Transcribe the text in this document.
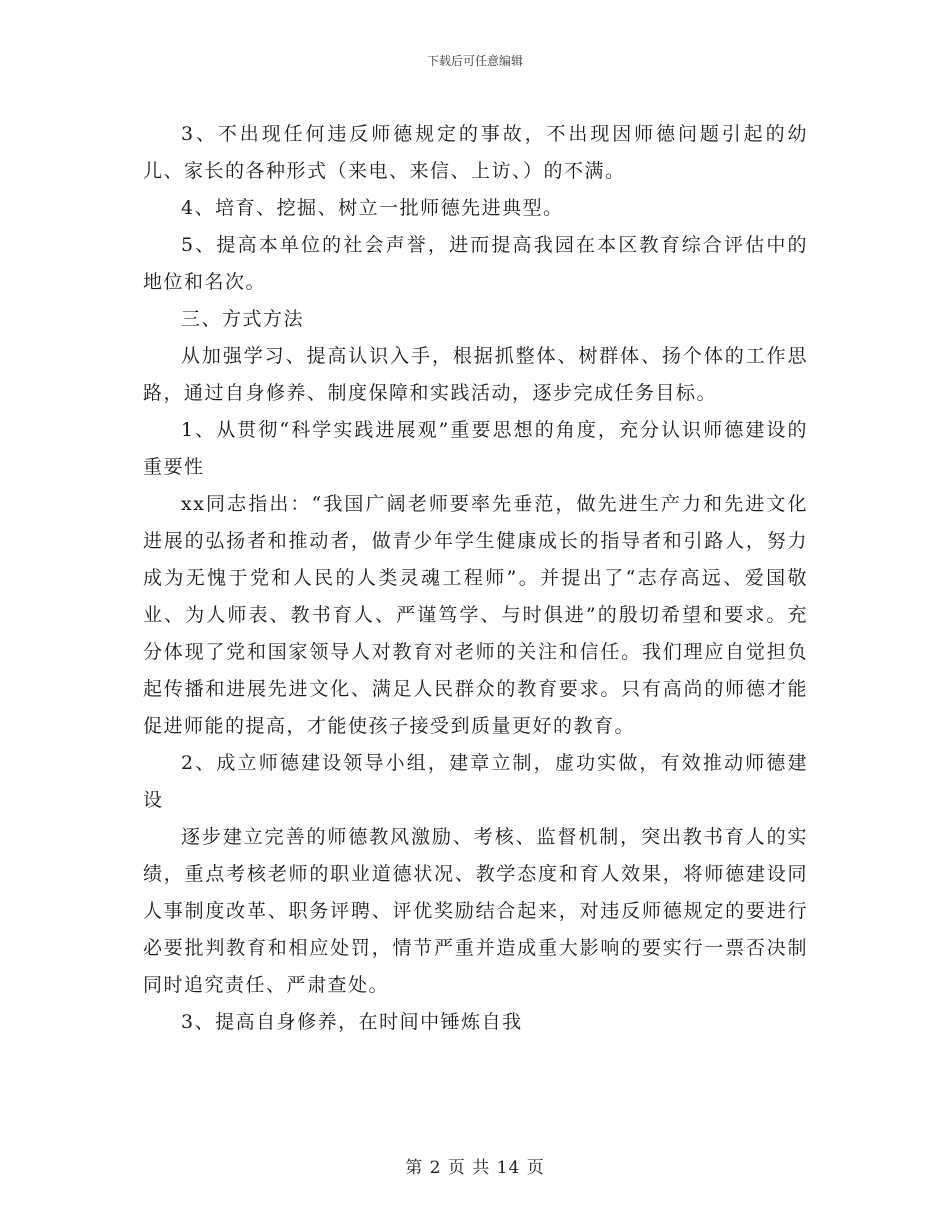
下载后可任意编辑

3、不出现任何违反师德规定的事故，不出现因师德问题引起的幼儿、家长的各种形式（来电、来信、上访、）的不满。

4、培育、挖掘、树立一批师德先进典型。

5、提高本单位的社会声誉，进而提高我园在本区教育综合评估中的地位和名次。

三、方式方法

从加强学习、提高认识入手，根据抓整体、树群体、扬个体的工作思路，通过自身修养、制度保障和实践活动，逐步完成任务目标。

1、从贯彻“科学实践进展观”重要思想的角度，充分认识师德建设的重要性

xx同志指出：“我国广阔老师要率先垂范，做先进生产力和先进文化进展的弘扬者和推动者，做青少年学生健康成长的指导者和引路人，努力成为无愧于党和人民的人类灵魂工程师”。并提出了“志存高远、爱国敬业、为人师表、教书育人、严谨笃学、与时俱进”的殷切希望和要求。充分体现了党和国家领导人对教育对老师的关注和信任。我们理应自觉担负起传播和进展先进文化、满足人民群众的教育要求。只有高尚的师德才能促进师能的提高，才能使孩子接受到质量更好的教育。

2、成立师德建设领导小组，建章立制，虚功实做，有效推动师德建设

逐步建立完善的师德教风激励、考核、监督机制，突出教书育人的实绩，重点考核老师的职业道德状况、教学态度和育人效果，将师德建设同人事制度改革、职务评聘、评优奖励结合起来，对违反师德规定的要进行必要批判教育和相应处罚，情节严重并造成重大影响的要实行一票否决制同时追究责任、严肃查处。

3、提高自身修养，在时间中锤炼自我

第 2 页 共 14 页
